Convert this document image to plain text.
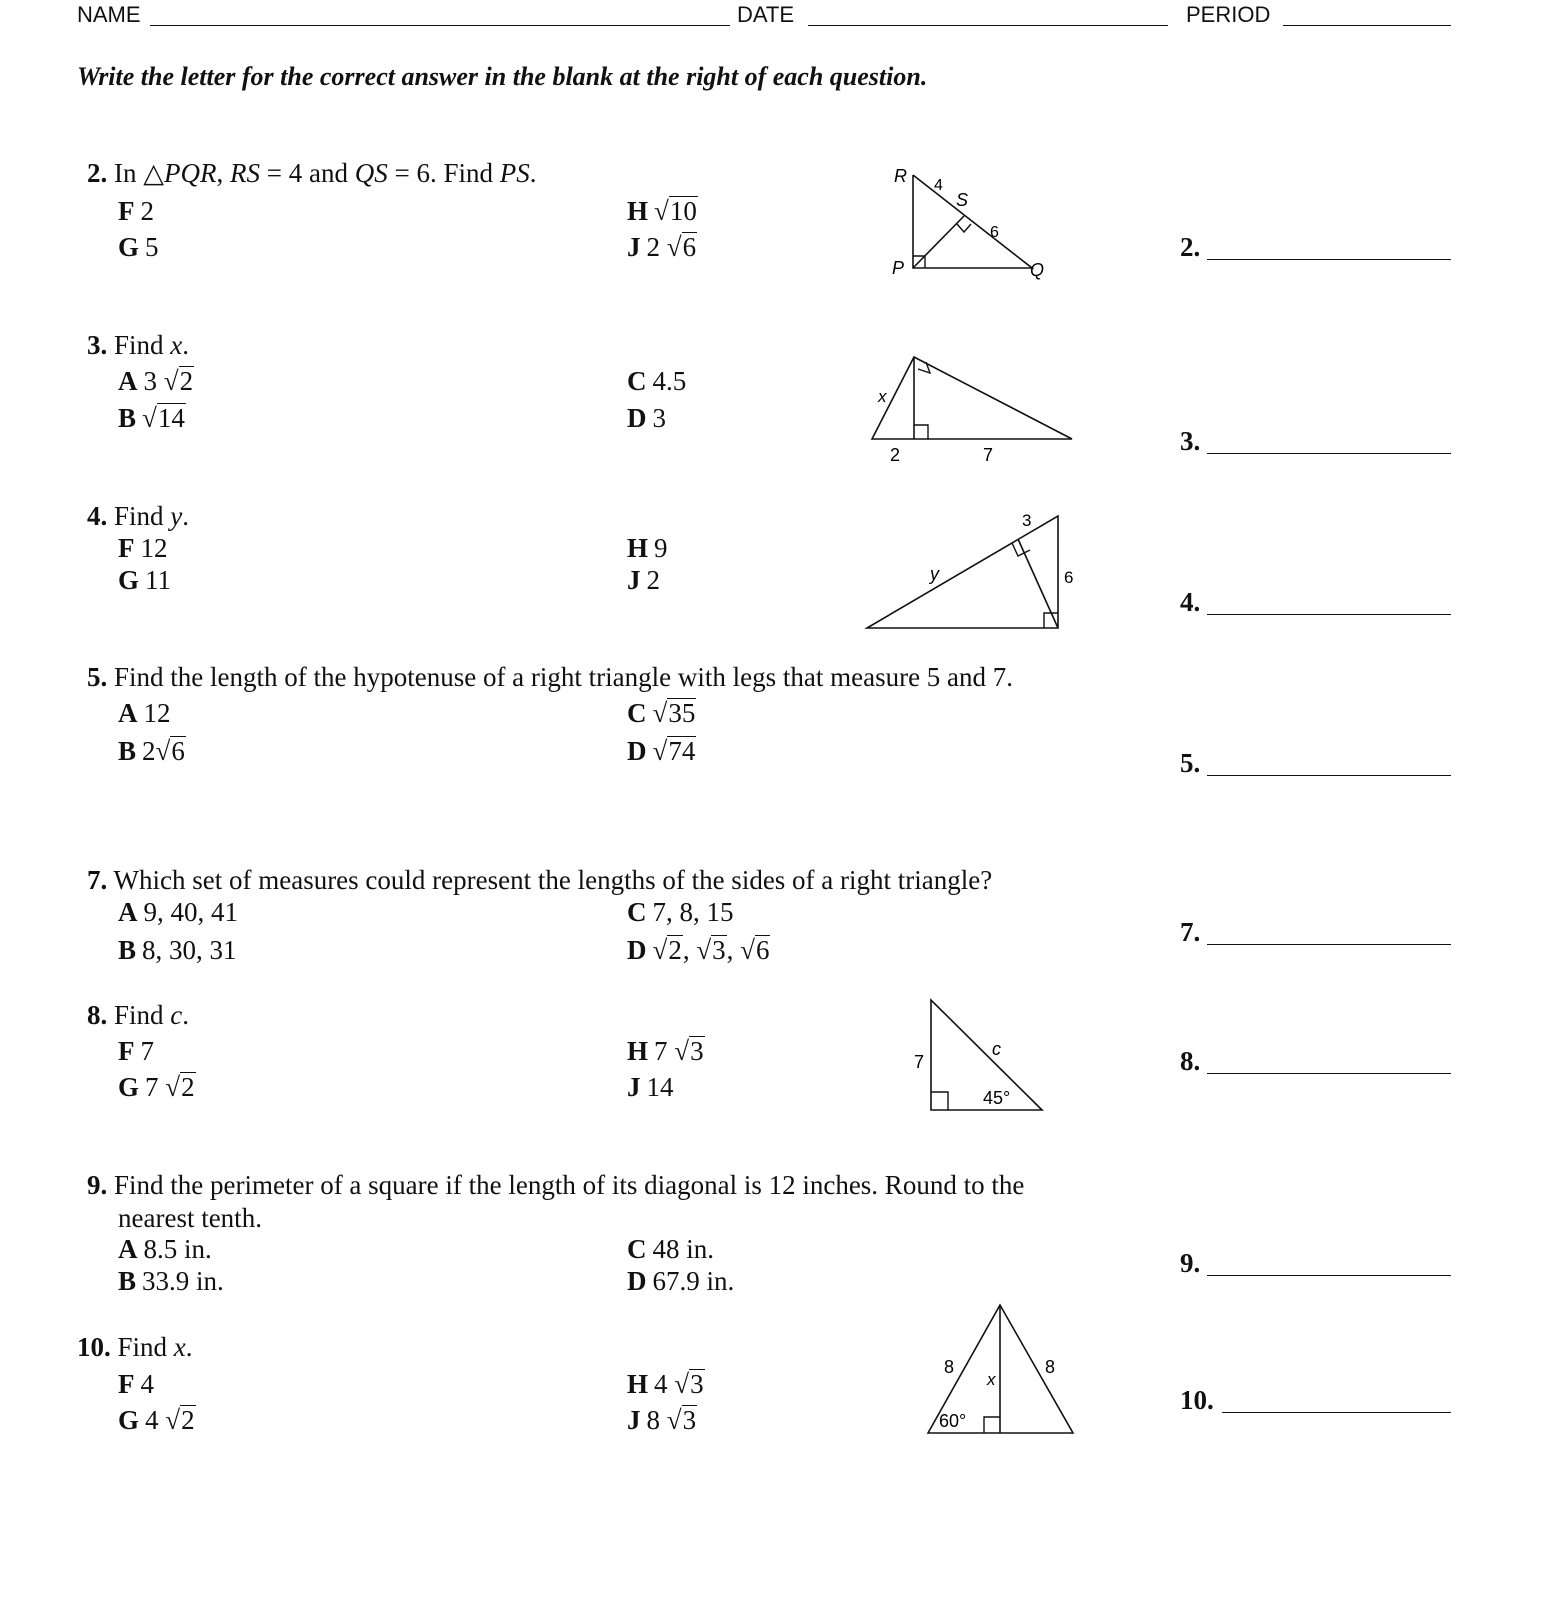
NAME	DATE	PERIOD
Write the letter for the correct answer in the blank at the right of each question.
2. In △PQR, RS = 4 and QS = 6. Find PS.
F 2
G 5
H √10
J 2 √6
R 4
S
6
P	Q
2.
3. Find x.
A 3 √2
B √14
C 4.5
D 3
x
2	7	3.
4. Find y.
F 12
G 11
H 9
J 2
3
6
y
4.
5. Find the length of the hypotenuse of a right triangle with legs that measure 5 and 7.
A 12
B 2√6
C √35
D √74	5.
7. Which set of measures could represent the lengths of the sides of a right triangle?
A 9, 40, 41
B 8, 30, 31
C 7, 8, 15
D √2, √3, √6
7.
8. Find c.
F 7
G 7 √2
H 7 √3
J 14
7
c
45°
8.
9. Find the perimeter of a square if the length of its diagonal is 12 inches. Round to the
nearest tenth.
A 8.5 in.
B 33.9 in.
C 48 in.
D 67.9 in.
9.
10. Find x.
F 4
G 4 √2
H 4 √3
J 8 √3
8	8
x
60°
10.
